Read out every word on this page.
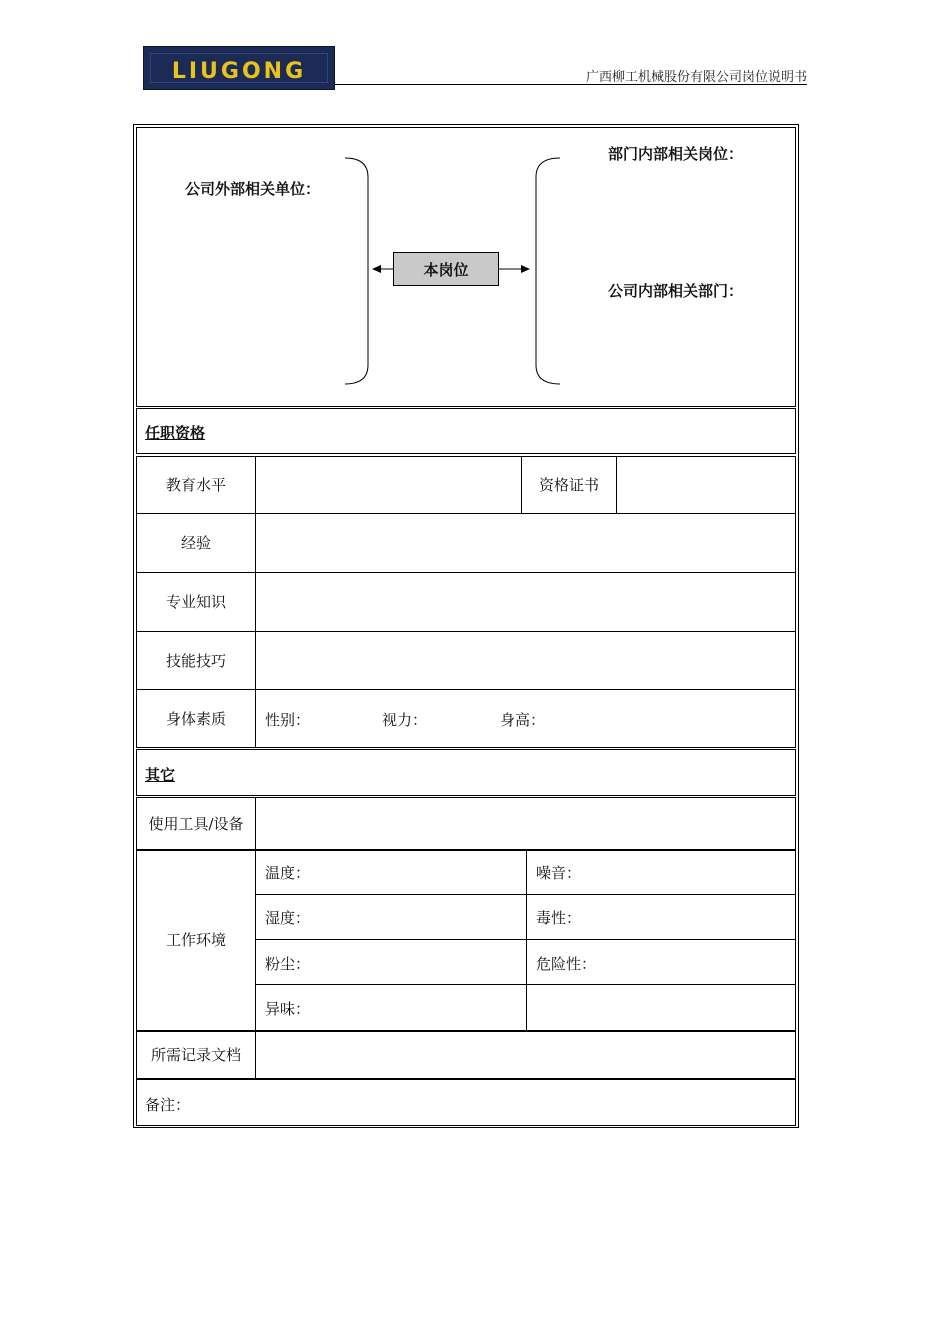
LIUGONG	广西柳工机械股份有限公司岗位说明书
公司外部相关单位：
部门内部相关岗位：
公司内部相关部门：
本岗位
任职资格
教育水平	资格证书
经验
专业知识
技能技巧
身体素质	性别：	视力：	身高：
其它
使用工具/设备
工作环境
温度：	噪音：
湿度：	毒性：
粉尘：	危险性：
异味：
所需记录文档
备注：
